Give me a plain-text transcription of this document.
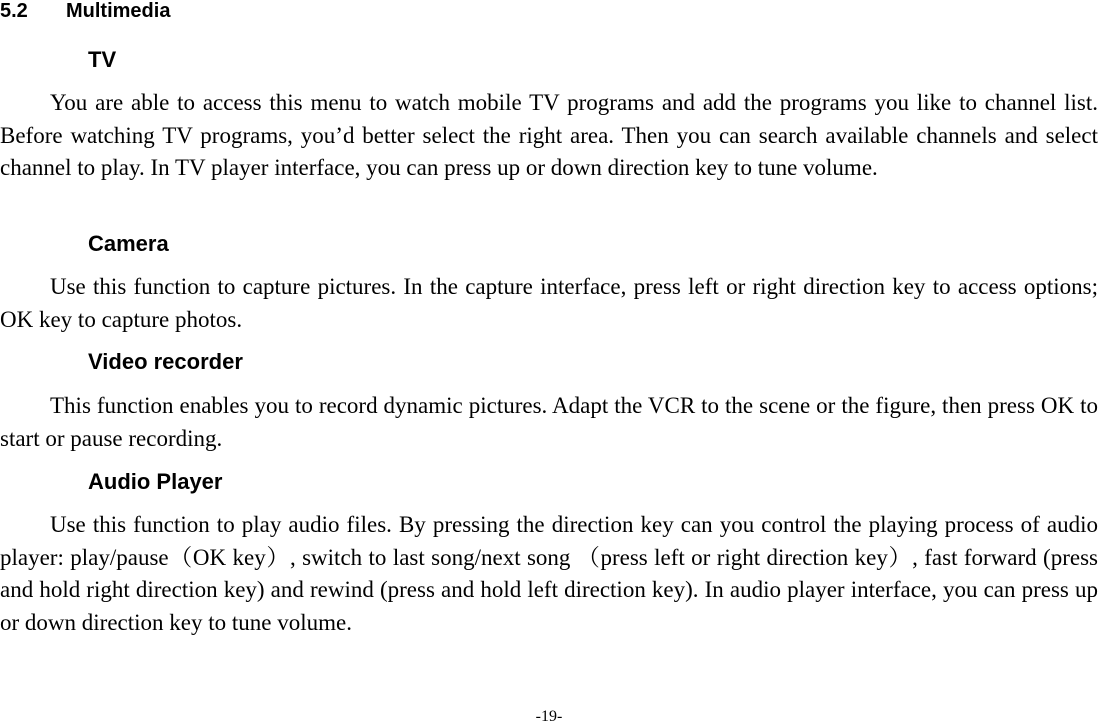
5.2 Multimedia
TV

You are able to access this menu to watch mobile TV programs and add the programs you like to channel list. Before watching TV programs, you’d better select the right area. Then you can search available channels and select channel to play. In TV player interface, you can press up or down direction key to tune volume.

Camera

Use this function to capture pictures. In the capture interface, press left or right direction key to access options; OK key to capture photos.

Video recorder

This function enables you to record dynamic pictures. Adapt the VCR to the scene or the figure, then press OK to start or pause recording.

Audio Player

Use this function to play audio files. By pressing the direction key can you control the playing process of audio player: play/pause（OK key）, switch to last song/next song （press left or right direction key）, fast forward (press and hold right direction key) and rewind (press and hold left direction key). In audio player interface, you can press up or down direction key to tune volume.

-19-
